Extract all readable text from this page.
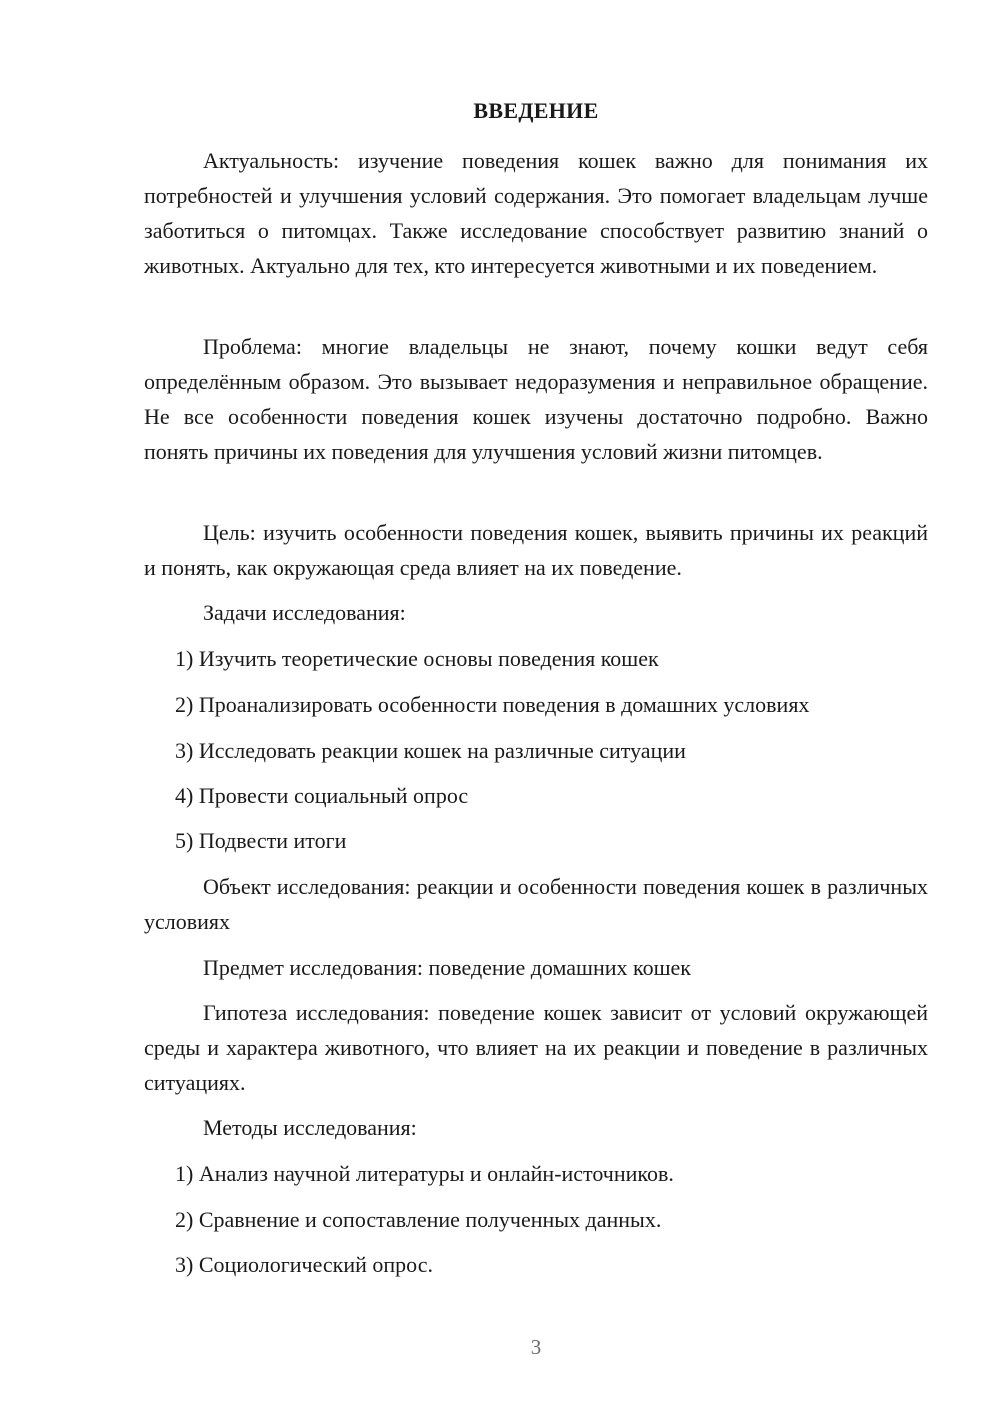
ВВЕДЕНИЕ

Актуальность: изучение поведения кошек важно для понимания их потребностей и улучшения условий содержания. Это помогает владельцам лучше заботиться о питомцах. Также исследование способствует развитию знаний о животных. Актуально для тех, кто интересуется животными и их поведением.

Проблема: многие владельцы не знают, почему кошки ведут себя определённым образом. Это вызывает недоразумения и неправильное обращение. Не все особенности поведения кошек изучены достаточно подробно. Важно понять причины их поведения для улучшения условий жизни питомцев.

Цель: изучить особенности поведения кошек, выявить причины их реакций и понять, как окружающая среда влияет на их поведение.

Задачи исследования:

1) Изучить теоретические основы поведения кошек

2) Проанализировать особенности поведения в домашних условиях

3) Исследовать реакции кошек на различные ситуации

4) Провести социальный опрос

5) Подвести итоги

Объект исследования: реакции и особенности поведения кошек в различных условиях

Предмет исследования: поведение домашних кошек

Гипотеза исследования: поведение кошек зависит от условий окружающей среды и характера животного, что влияет на их реакции и поведение в различных ситуациях.

Методы исследования:

1) Анализ научной литературы и онлайн-источников.

2) Сравнение и сопоставление полученных данных.

3) Социологический опрос.

3
